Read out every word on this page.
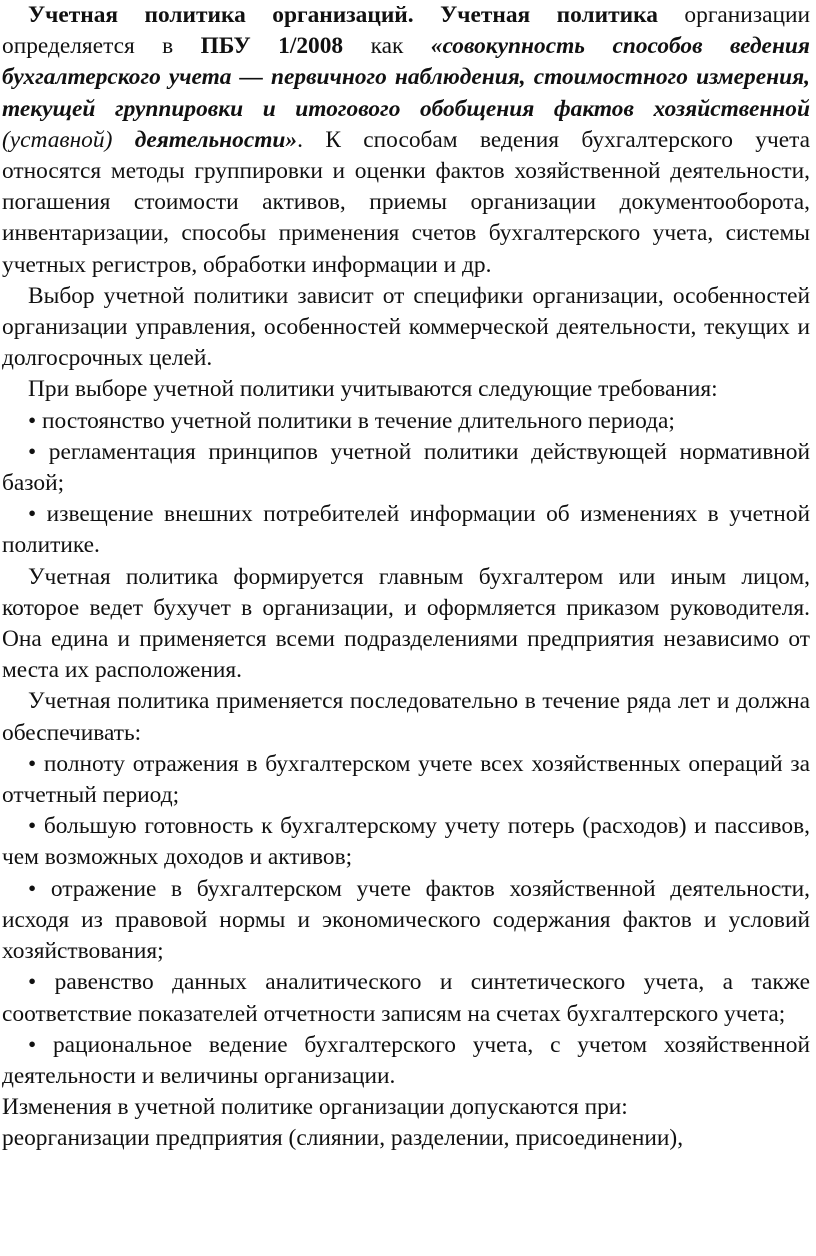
Учетная политика организаций. Учетная политика организации определяется в ПБУ 1/2008 как «совокупность способов ведения бухгалтерского учета — первичного наблюдения, стоимостного измерения, текущей группировки и итогового обобщения фактов хозяйственной (уставной) деятельности». К способам ведения бухгалтерского учета относятся методы группировки и оценки фактов хозяйственной деятельности, погашения стоимости активов, приемы организации документооборота, инвентаризации, способы применения счетов бухгалтерского учета, системы учетных регистров, обработки информации и др.

Выбор учетной политики зависит от специфики организации, особенностей организации управления, особенностей коммерческой деятельности, текущих и долгосрочных целей.

При выборе учетной политики учитываются следующие требования:

• постоянство учетной политики в течение длительного периода;

• регламентация принципов учетной политики действующей нормативной базой;

• извещение внешних потребителей информации об изменениях в учетной политике.

Учетная политика формируется главным бухгалтером или иным лицом, которое ведет бухучет в организации, и оформляется приказом руководителя. Она едина и применяется всеми подразделениями предприятия независимо от места их расположения.

Учетная политика применяется последовательно в течение ряда лет и должна обеспечивать:

• полноту отражения в бухгалтерском учете всех хозяйственных операций за отчетный период;

• большую готовность к бухгалтерскому учету потерь (расходов) и пассивов, чем возможных доходов и активов;

• отражение в бухгалтерском учете фактов хозяйственной деятельности, исходя из правовой нормы и экономического содержания фактов и условий хозяйствования;

• равенство данных аналитического и синтетического учета, а также соответствие показателей отчетности записям на счетах бухгалтерского учета;

• рациональное ведение бухгалтерского учета, с учетом хозяйственной деятельности и величины организации.

Изменения в учетной политике организации допускаются при:

реорганизации предприятия (слиянии, разделении, присоединении),
